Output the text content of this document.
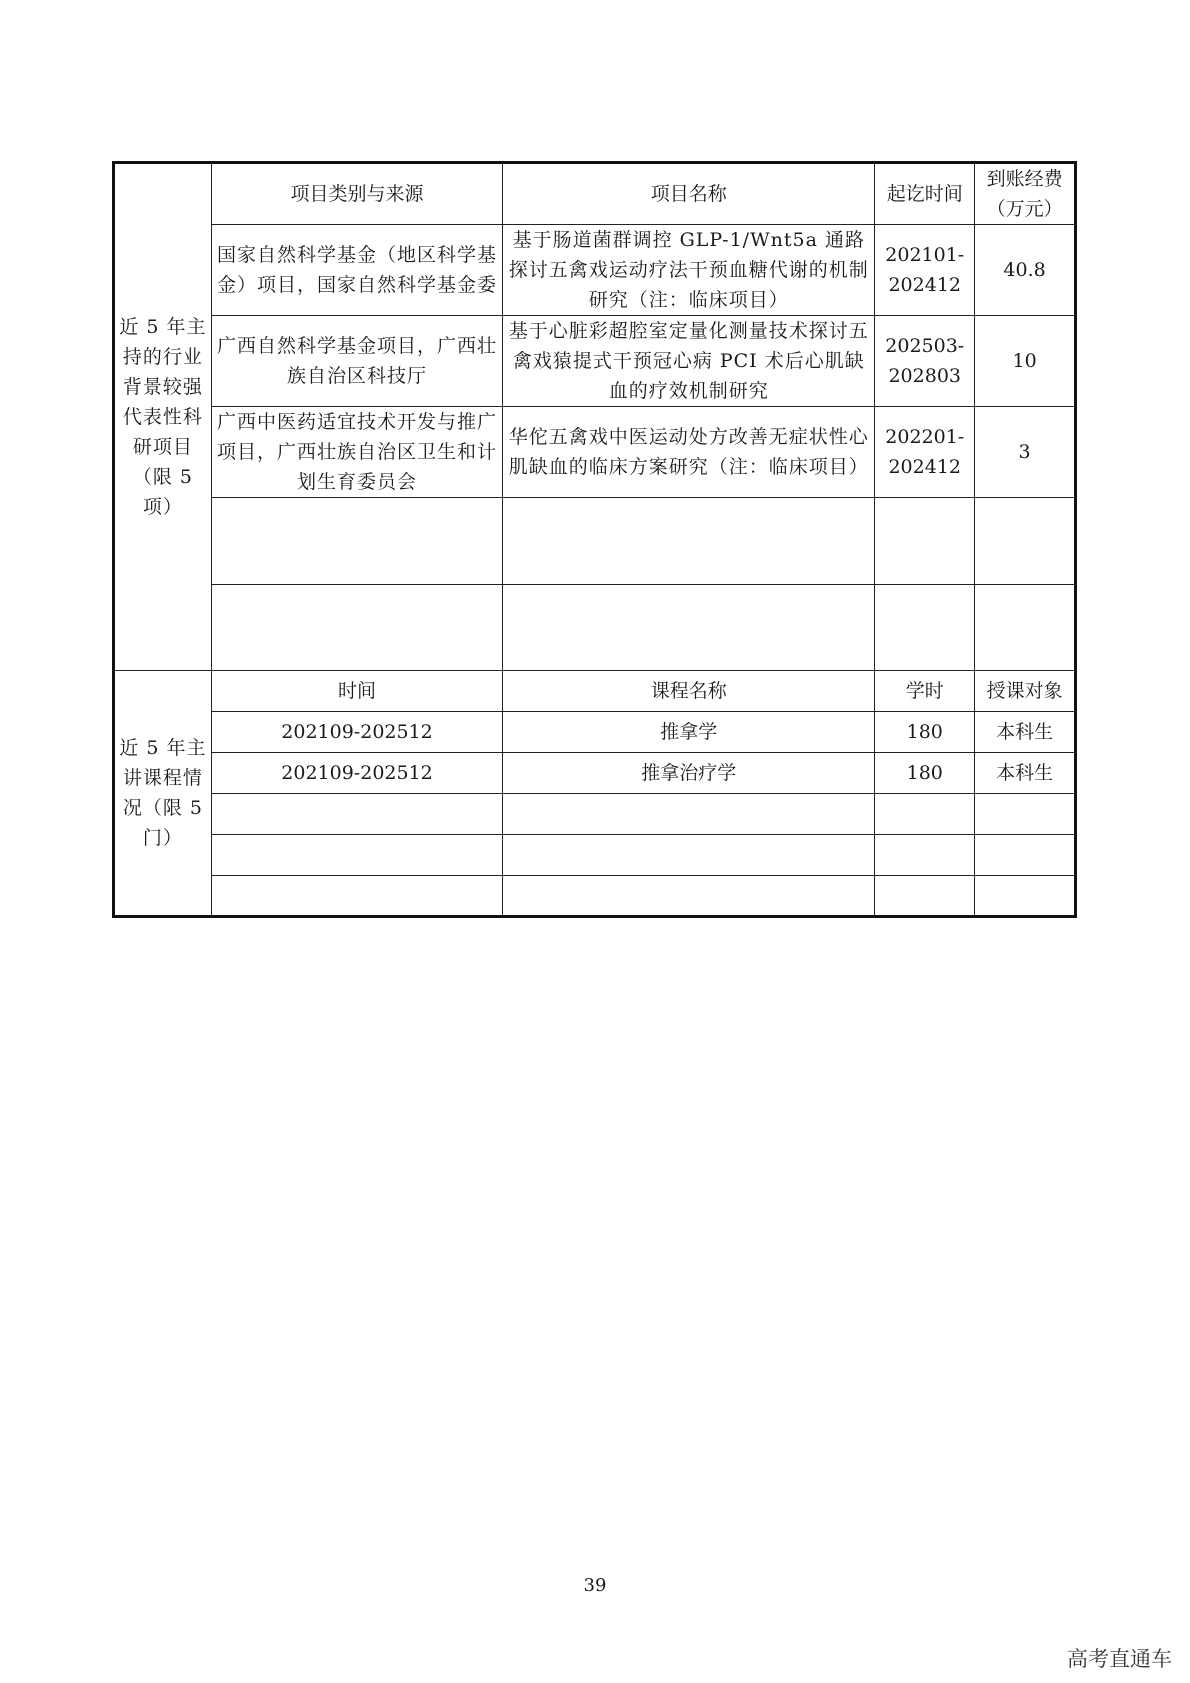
近 5 年主持的行业背景较强代表性科研项目（限 5 项）	项目类别与来源	项目名称	起讫时间	到账经费（万元）
	国家自然科学基金（地区科学基金）项目，国家自然科学基金委	基于肠道菌群调控 GLP-1/Wnt5a 通路探讨五禽戏运动疗法干预血糖代谢的机制研究（注：临床项目）	202101-202412	40.8
	广西自然科学基金项目，广西壮族自治区科技厅	基于心脏彩超腔室定量化测量技术探讨五禽戏猿提式干预冠心病 PCI 术后心肌缺血的疗效机制研究	202503-202803	10
	广西中医药适宜技术开发与推广项目，广西壮族自治区卫生和计划生育委员会	华佗五禽戏中医运动处方改善无症状性心肌缺血的临床方案研究（注：临床项目）	202201-202412	3

近 5 年主讲课程情况（限 5 门）	时间	课程名称	学时	授课对象
	202109-202512	推拿学	180	本科生
	202109-202512	推拿治疗学	180	本科生

39
高考直通车
